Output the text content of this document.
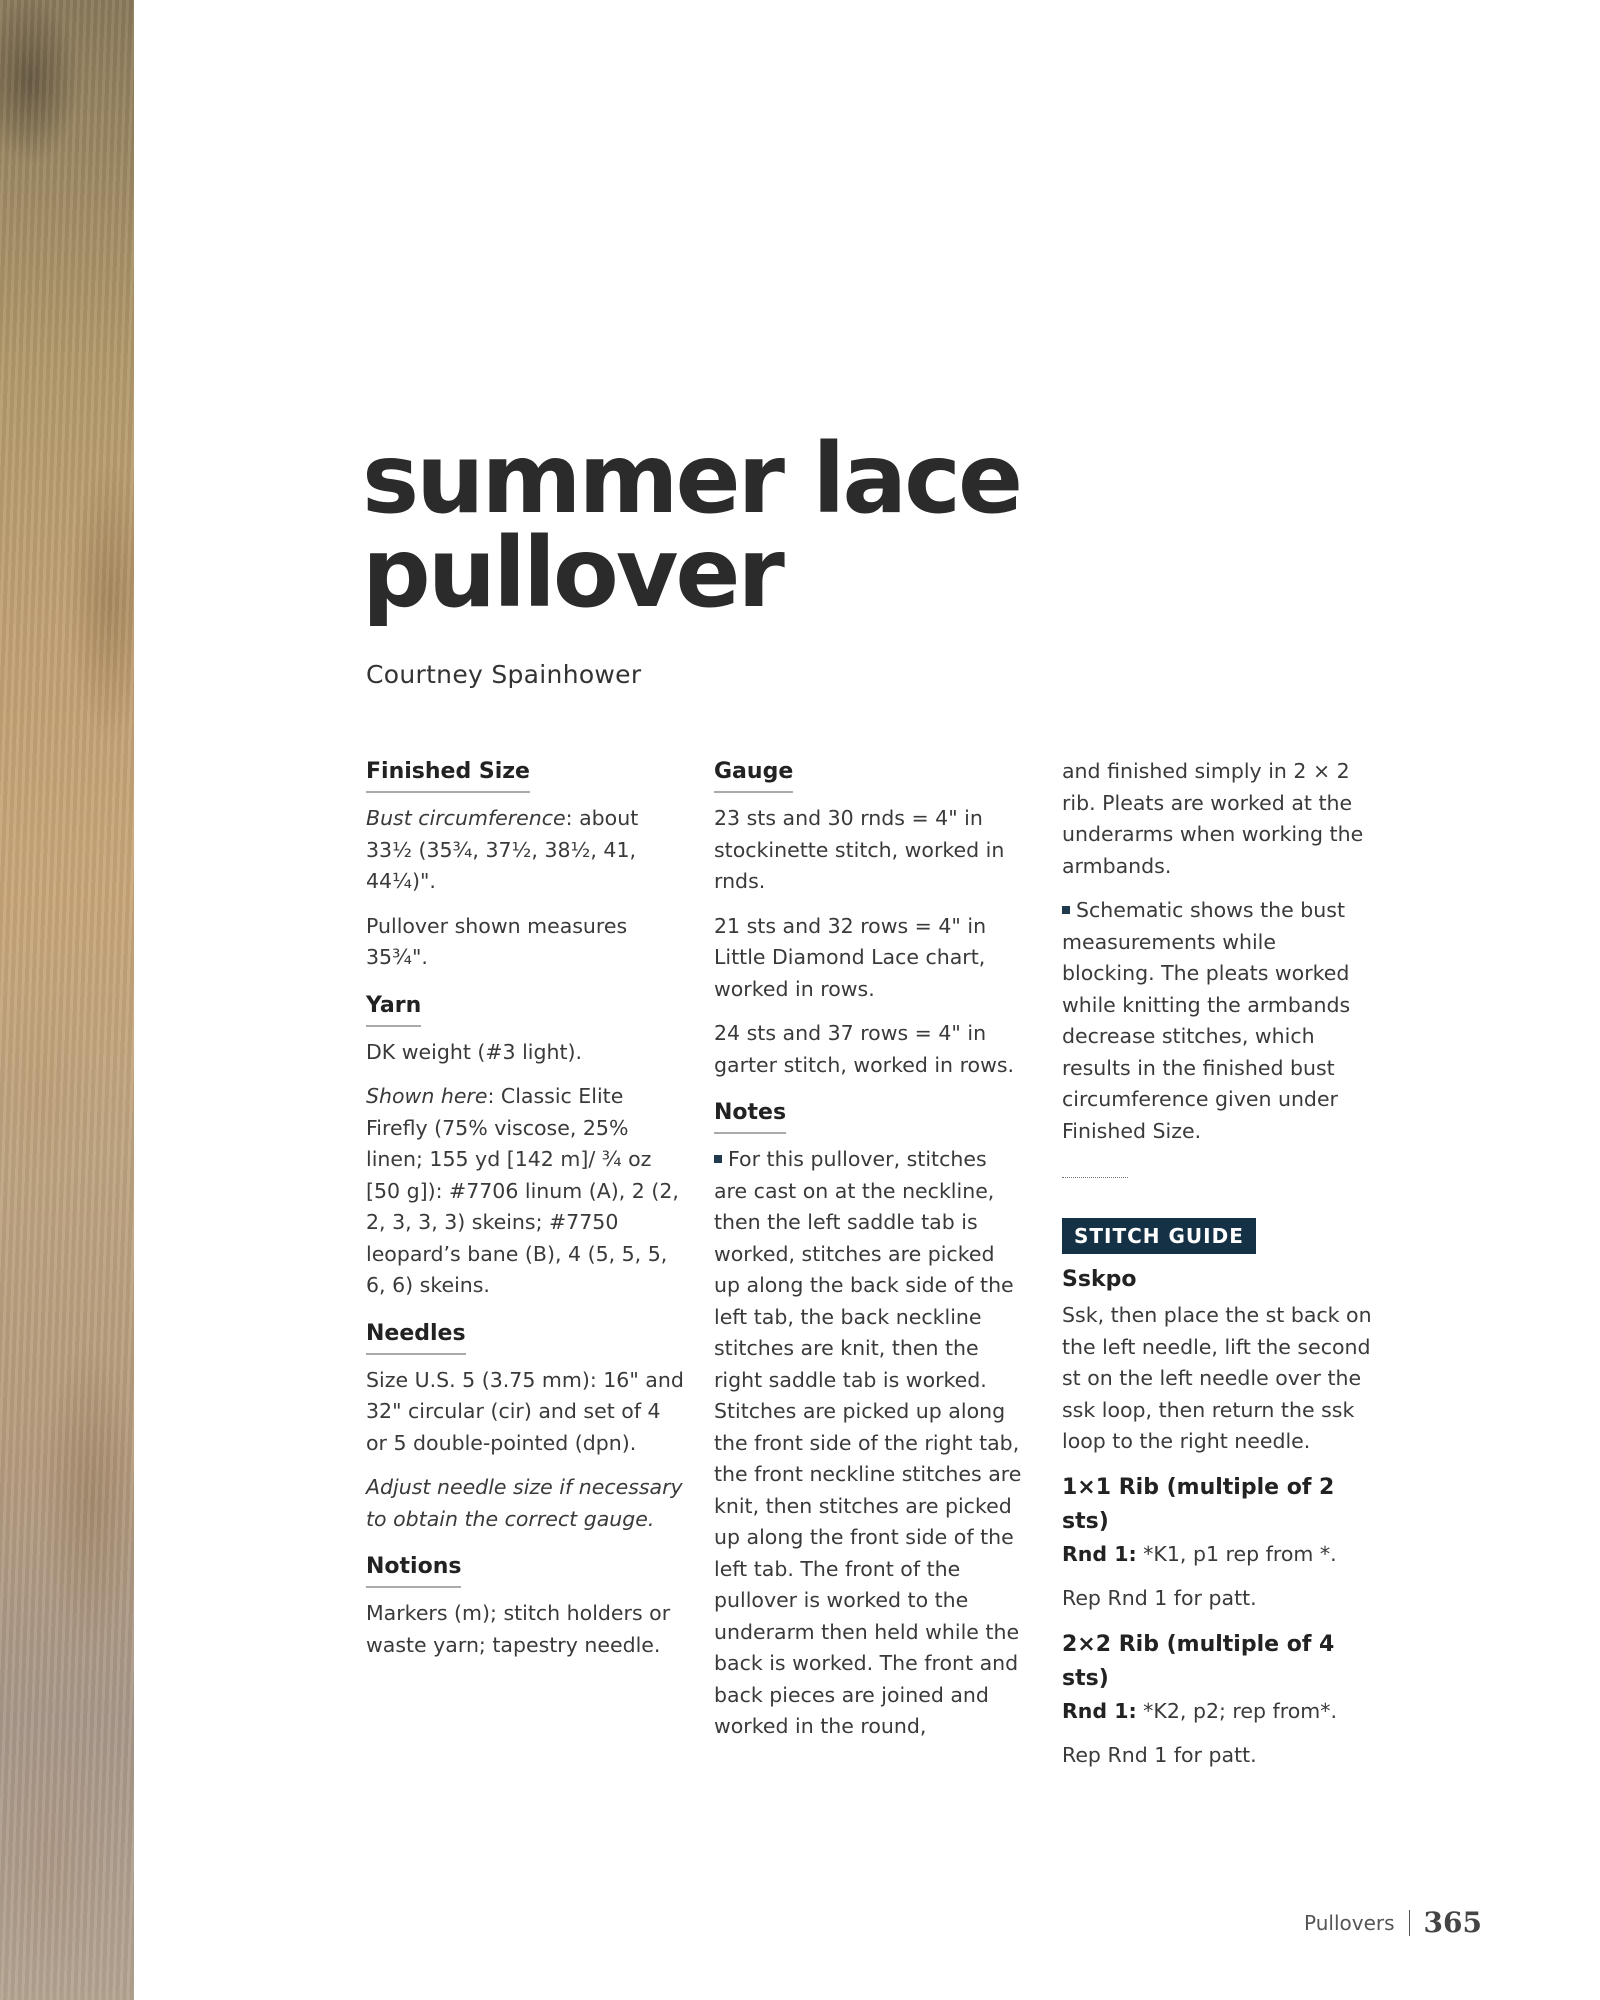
summer lace
pullover
Courtney Spainhower
Finished Size

Bust circumference: about 33½ (35¾, 37½, 38½, 41, 44¼)".

Pullover shown measures 35¾".

Yarn

DK weight (#3 light).

Shown here: Classic Elite Firefly (75% viscose, 25% linen; 155 yd [142 m]/ ¾ oz [50 g]): #7706 linum (A), 2 (2, 2, 3, 3, 3) skeins; #7750 leopard’s bane (B), 4 (5, 5, 5, 6, 6) skeins.

Needles

Size U.S. 5 (3.75 mm): 16" and 32" circular (cir) and set of 4 or 5 double-pointed (dpn).

Adjust needle size if necessary to obtain the correct gauge.

Notions

Markers (m); stitch holders or waste yarn; tapestry needle.

Gauge

23 sts and 30 rnds = 4" in stockinette stitch, worked in rnds.

21 sts and 32 rows = 4" in Little Diamond Lace chart, worked in rows.

24 sts and 37 rows = 4" in garter stitch, worked in rows.

Notes

For this pullover, stitches are cast on at the neckline, then the left saddle tab is worked, stitches are picked up along the back side of the left tab, the back neckline stitches are knit, then the right saddle tab is worked. Stitches are picked up along the front side of the right tab, the front neckline stitches are knit, then stitches are picked up along the front side of the left tab. The front of the pullover is worked to the underarm then held while the back is worked. The front and back pieces are joined and worked in the round,

and finished simply in 2 × 2 rib. Pleats are worked at the underarms when working the armbands.

Schematic shows the bust measurements while blocking. The pleats worked while knitting the armbands decrease stitches, which results in the finished bust circumference given under Finished Size.

STITCH GUIDE
Sskpo

Ssk, then place the st back on the left needle, lift the second st on the left needle over the ssk loop, then return the ssk loop to the right needle.

1×1 Rib (multiple of 2 sts)

Rnd 1: *K1, p1 rep from *.

Rep Rnd 1 for patt.

2×2 Rib (multiple of 4 sts)

Rnd 1: *K2, p2; rep from*.

Rep Rnd 1 for patt.

Pullovers 365
